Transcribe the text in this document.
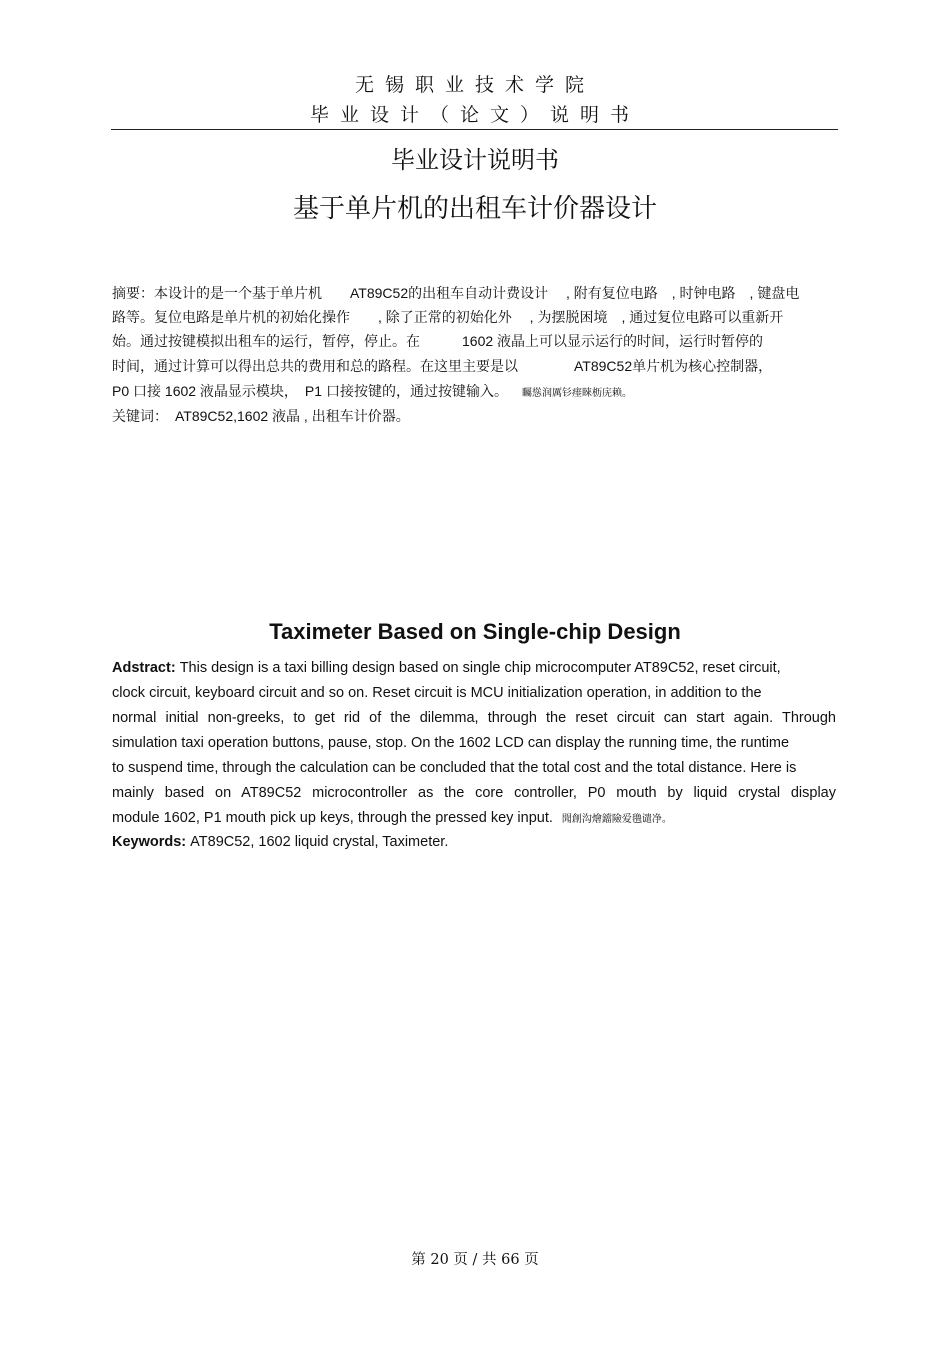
无锡职业技术学院
毕业设计（论文）说明书
毕业设计说明书
基于单片机的出租车计价器设计
摘要：本设计的是一个基于单片机　　AT89C52的出租车自动计费设计　 , 附有复位电路　, 时钟电路　, 键盘电
路等。复位电路是单片机的初始化操作　　, 除了正常的初始化外　 , 为摆脱困境　, 通过复位电路可以重新开
始。通过按键模拟出租车的运行，暂停，停止。在　　　1602 液晶上可以显示运行的时间，运行时暂停的
时间，通过计算可以得出总共的费用和总的路程。在这里主要是以　　　　AT89C52单片机为核心控制器，
P0 口接 1602 液晶显示模块，　P1 口接按键的，通过按键输入。 矚慫润厲钐瘗睞枥庑赖。
关键词：　AT89C52,1602 液晶 , 出租车计价器。
Taximeter Based on Single-chip Design
Adstract: This design is a taxi billing design based on single chip microcomputer AT89C52, reset circuit,
clock circuit, keyboard circuit and so on. Reset circuit is MCU initialization operation, in addition to the
normal initial non-greeks, to get rid of the dilemma, through the reset circuit can start again. Through
simulation taxi operation buttons, pause, stop. On the 1602 LCD can display the running time, the runtime
to suspend time, through the calculation can be concluded that the total cost and the total distance. Here is
mainly based on AT89C52 microcontroller as the core controller, P0 mouth by liquid crystal display
module 1602, P1 mouth pick up keys, through the pressed key input. 聞創沟燴鐺險爱氇谴净。
Keywords: AT89C52, 1602 liquid crystal, Taximeter.
第 20 页 / 共 66 页
